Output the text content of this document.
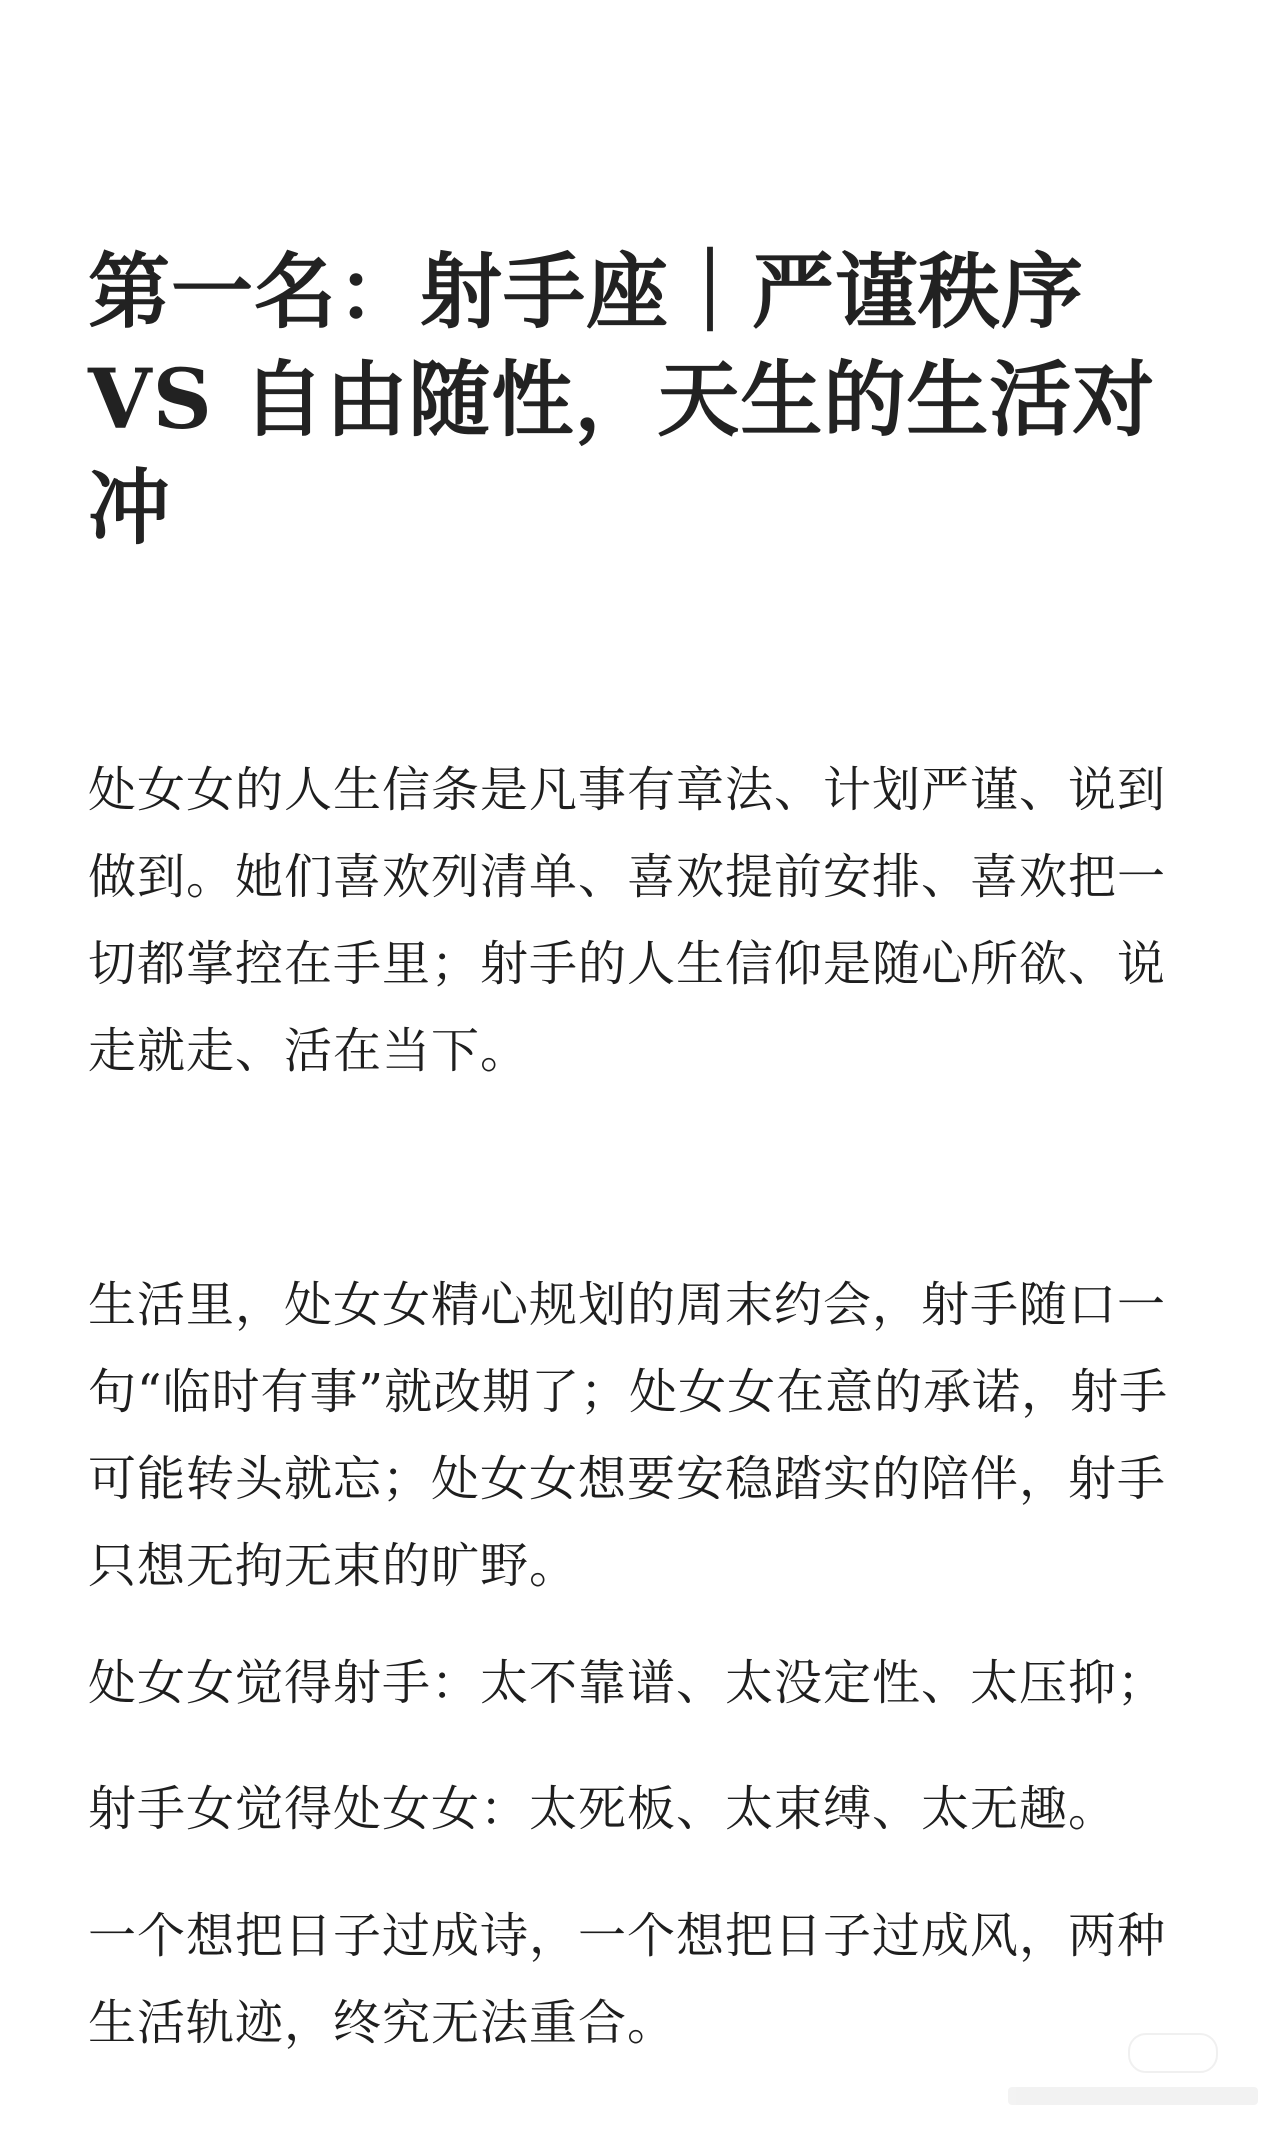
第一名：射手座｜严谨秩序VS 自由随性，天生的生活对冲

处女女的人生信条是凡事有章法、计划严谨、说到做到。她们喜欢列清单、喜欢提前安排、喜欢把一切都掌控在手里；射手的人生信仰是随心所欲、说走就走、活在当下。

生活里，处女女精心规划的周末约会，射手随口一句“临时有事”就改期了；处女女在意的承诺，射手可能转头就忘；处女女想要安稳踏实的陪伴，射手只想无拘无束的旷野。

处女女觉得射手：太不靠谱、太没定性、太压抑；

射手女觉得处女女：太死板、太束缚、太无趣。

一个想把日子过成诗，一个想把日子过成风，两种生活轨迹，终究无法重合。
